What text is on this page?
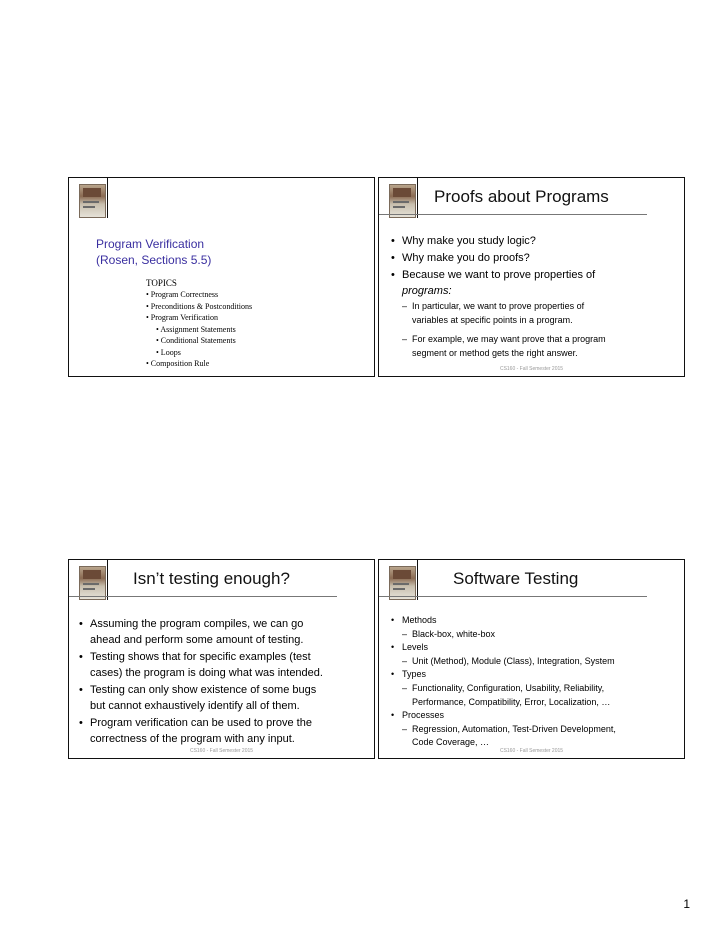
Program Verification
(Rosen, Sections 5.5)
TOPICS
• Program Correctness
• Preconditions & Postconditions
• Program Verification
• Assignment Statements
• Conditional Statements
• Loops
• Composition Rule
Proofs about Programs
• Why make you study logic?
• Why make you do proofs?
• Because we want to prove properties of
programs:
– In particular, we want to prove properties of
variables at specific points in a program.
– For example, we may want prove that a program
segment or method gets the right answer.
CS160 - Fall Semester 2015
Isn’t testing enough?
• Assuming the program compiles, we can go
ahead and perform some amount of testing.
• Testing shows that for specific examples (test
cases) the program is doing what was intended.
• Testing can only show existence of some bugs
but cannot exhaustively identify all of them.
• Program verification can be used to prove the
correctness of the program with any input.
CS160 - Fall Semester 2015
Software Testing
• Methods
– Black-box, white-box
• Levels
– Unit (Method), Module (Class), Integration, System
• Types
– Functionality, Configuration, Usability, Reliability,
Performance, Compatibility, Error, Localization, …
• Processes
– Regression, Automation, Test-Driven Development,
Code Coverage, …
CS160 - Fall Semester 2015
1
